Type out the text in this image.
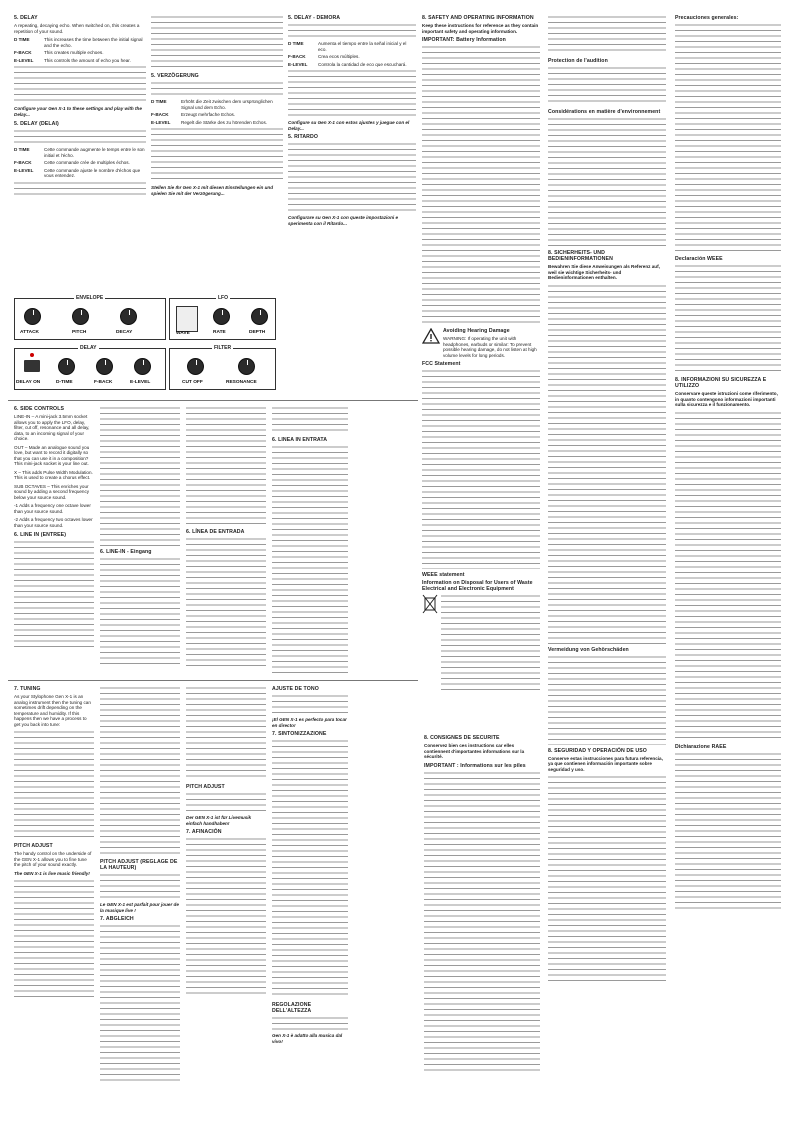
5. DELAY
A repeating, decaying echo. When switched on, this creates a repetition of your sound.
D TIME	This increases the time between the initial signal and the echo.
F-BACK	This creates multiple echoes.
E-LEVEL	This controls the amount of echo you hear.
Configure your Gen X-1 to these settings and play with the Delay...
5. DELAY (DELAI)
D TIME	Cette commande augmente le temps entre le son initial et l'écho.
F-BACK	Cette commande crée de multiples échos.
E-LEVEL	Cette commande ajuste le nombre d'échos que vous entendez.
5. VERZÖGERUNG
D TIME	Erhöht die Zeit zwischen dem ursprünglichen Signal und dem Echo.
F-BACK	Erzeugt mehrfache Echos.
E-LEVEL	Regelt die Stärke des zu hörenden Echos.
Stellen Sie Ihr Gen X-1 mit diesen Einstellungen ein und spielen Sie mit der Verzögerung...
5. DELAY - DEMORA
D TIME	Aumenta el tiempo entre la señal inicial y el eco.
F-BACK	Crea ecos múltiples.
E-LEVEL	Controla la cantidad de eco que escuchará.
Configure su Gen X-1 con estos ajustes y juegue con el Delay...
5. RITARDO
Configurare su Gen X-1 con queste impostazioni e sperimenta con il Ritardo...
ENVELOPE	LFO
WAVE
ATTACK	PITCH	DECAY	RATE	DEPTH
DELAY	FILTER
DELAY ON	D-TIME	F-BACK	E-LEVEL	CUT OFF	RESONANCE
6. SIDE CONTROLS
LINE-IN – A mini-jack 3.5mm socket allows you to apply the LFO, delay, filter, cut off, resonance and all delay, data, to an incoming signal of your choice.
OUT – Made an analogue sound you love, but want to record it digitally so that you can use it in a composition? This mini-jack socket is your line out.
X – This adds Pulse Width Modulation. This is used to create a chorus effect.
SUB OCTAVES – This enriches your sound by adding a second frequency below your source sound.
-1 Adds a frequency one octave lower than your source sound.
-2 Adds a frequency two octaves lower than your source sound.
6. LINE IN (ENTREE)
6. LINE-IN - Eingang
6. LÍNEA DE ENTRADA
6. LINEA IN ENTRATA
7. TUNING
As your Stylophone Gen X-1 is an analog instrument then the tuning can sometimes drift depending on the temperature and humidity. If this happens then we have a process to get you back into tune:
PITCH ADJUST
The handy control on the underside of the GEN X-1 allows you to fine tune the pitch of your sound exactly.
The GEN X-1 is live music friendly!
PITCH ADJUST (REGLAGE DE LA HAUTEUR)
Le GEN X-1 est parfait pour jouer de la musique live !
7. ABGLEICH
PITCH ADJUST
Der GEN X-1 ist für Livemusik einfach handhaben!
7. AFINACIÓN
AJUSTE DE TONO
¡El GEN X-1 es perfecto para tocar en directo!
7. SINTONIZZAZIONE
REGOLAZIONE DELL'ALTEZZA
Gen X-1 è adatto alla musica dal vivo!
8. SAFETY AND OPERATING INFORMATION
Keep these instructions for reference as they contain important safety and operating information.
IMPORTANT: Battery Information
Avoiding Hearing Damage
WARNING: If operating the unit with headphones, earbuds or similar: To prevent possible hearing damage, do not listen at high volume levels for long periods.
FCC Statement
WEEE statement
Information on Disposal for Users of Waste Electrical and Electronic Equipment
8. CONSIGNES DE SÉCURITÉ
Conservez bien ces instructions car elles contiennent d'importantes informations sur la sécurité.
IMPORTANT : Informations sur les piles
Protection de l'audition
Considérations en matière d'environnement
8. SICHERHEITS- UND BEDIENINFORMATIONEN
Bewahren Sie diese Anweisungen als Referenz auf, weil sie wichtige Sicherheits- und Bedieninformationen enthalten.
Vermeidung von Gehörschäden
8. SEGURIDAD Y OPERACIÓN DE USO
Conserve estas instrucciones para futura referencia, ya que contienen información importante sobre seguridad y uso.
Precauciones generales:
Declaración WEEE
8. INFORMAZIONI SU SICUREZZA E UTILIZZO
Conservare queste istruzioni come riferimento, in quanto contengono informazioni importanti sulla sicurezza e il funzionamento.
Dichiarazione RAEE
